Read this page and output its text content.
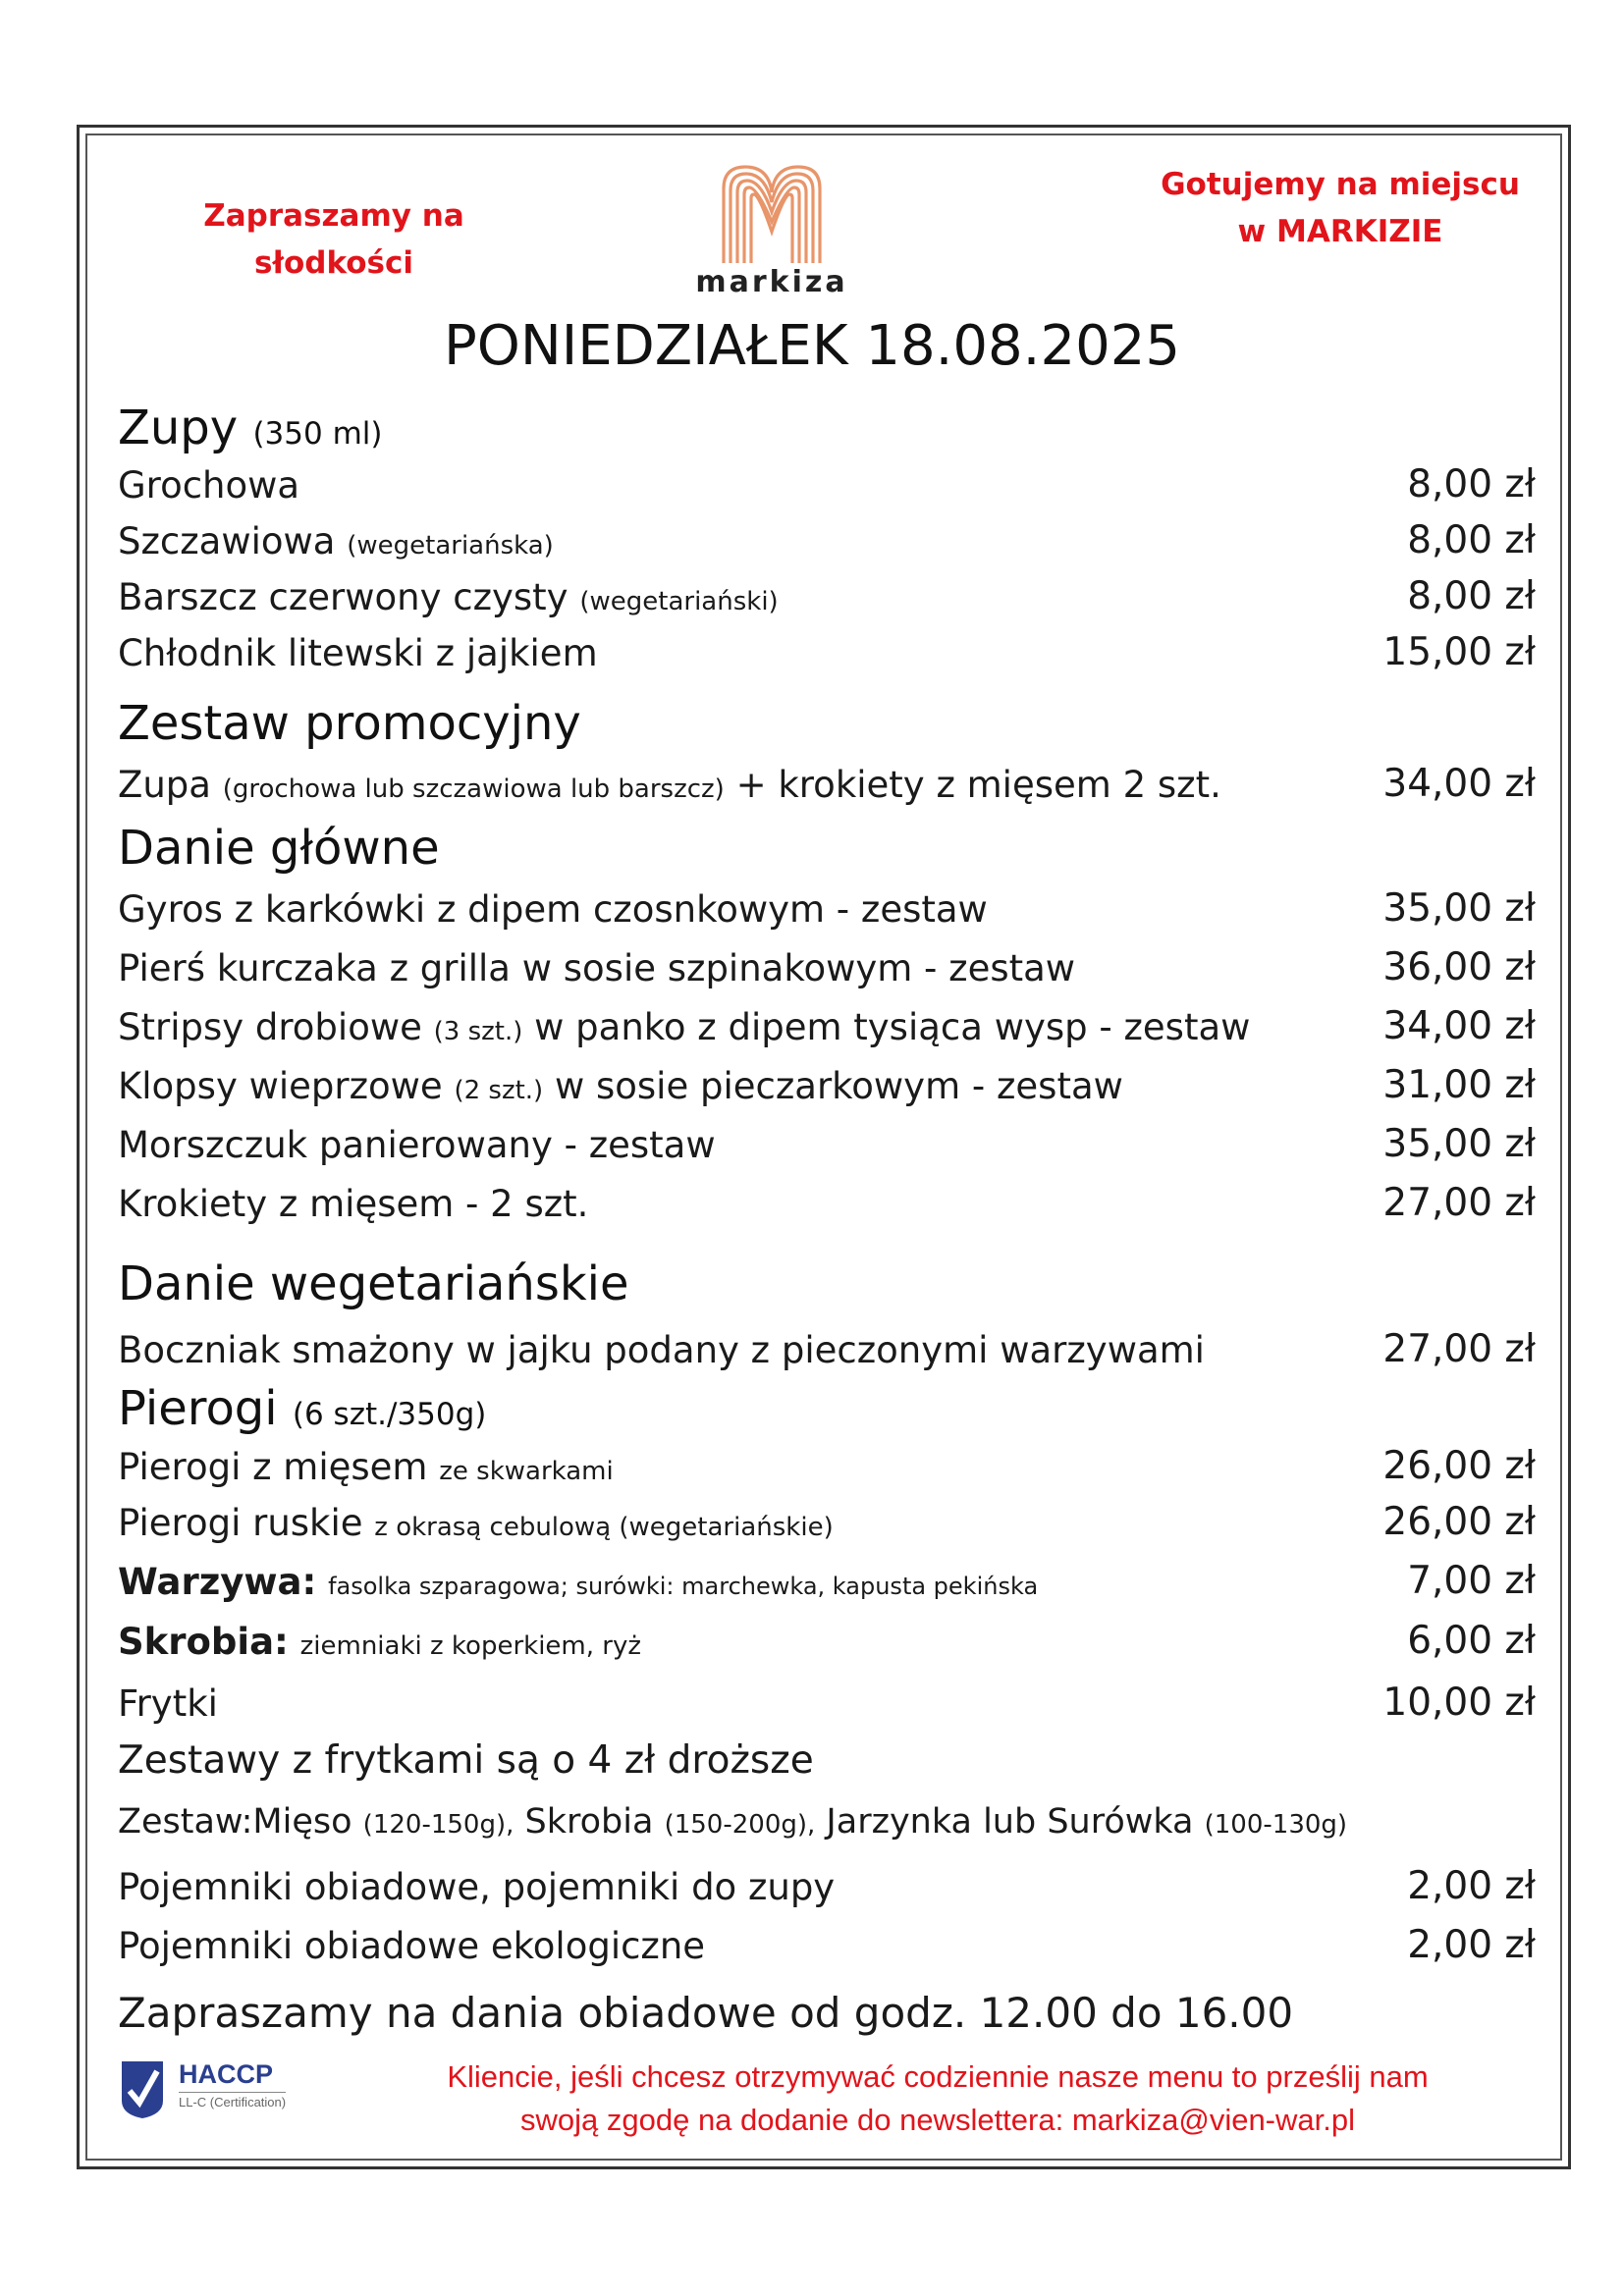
Zapraszamy na
słodkości
markiza
Gotujemy na miejscu
w MARKIZIE
PONIEDZIAŁEK 18.08.2025
Zupy (350 ml)
Grochowa	8,00 zł
Szczawiowa (wegetariańska)	8,00 zł
Barszcz czerwony czysty (wegetariański)	8,00 zł
Chłodnik litewski z jajkiem	15,00 zł
Zestaw promocyjny
Zupa (grochowa lub szczawiowa lub barszcz) + krokiety z mięsem 2 szt.	34,00 zł
Danie główne
Gyros z karkówki z dipem czosnkowym - zestaw	35,00 zł
Pierś kurczaka z grilla w sosie szpinakowym - zestaw	36,00 zł
Stripsy drobiowe (3 szt.) w panko z dipem tysiąca wysp - zestaw	34,00 zł
Klopsy wieprzowe (2 szt.) w sosie pieczarkowym - zestaw	31,00 zł
Morszczuk panierowany - zestaw	35,00 zł
Krokiety z mięsem - 2 szt.	27,00 zł
Danie wegetariańskie
Boczniak smażony w jajku podany z pieczonymi warzywami	27,00 zł
Pierogi (6 szt./350g)
Pierogi z mięsem ze skwarkami	26,00 zł
Pierogi ruskie z okrasą cebulową (wegetariańskie)	26,00 zł
Warzywa: fasolka szparagowa; surówki: marchewka, kapusta pekińska	7,00 zł
Skrobia: ziemniaki z koperkiem, ryż	6,00 zł
Frytki	10,00 zł
Zestawy z frytkami są o 4 zł droższe
Zestaw:Mięso (120-150g), Skrobia (150-200g), Jarzynka lub Surówka (100-130g)
Pojemniki obiadowe, pojemniki do zupy	2,00 zł
Pojemniki obiadowe ekologiczne	2,00 zł
Zapraszamy na dania obiadowe od godz. 12.00 do 16.00
HACCP
LL-C (Certification)
Kliencie, jeśli chcesz otrzymywać codziennie nasze menu to prześlij nam
swoją zgodę na dodanie do newslettera: markiza@vien-war.pl
